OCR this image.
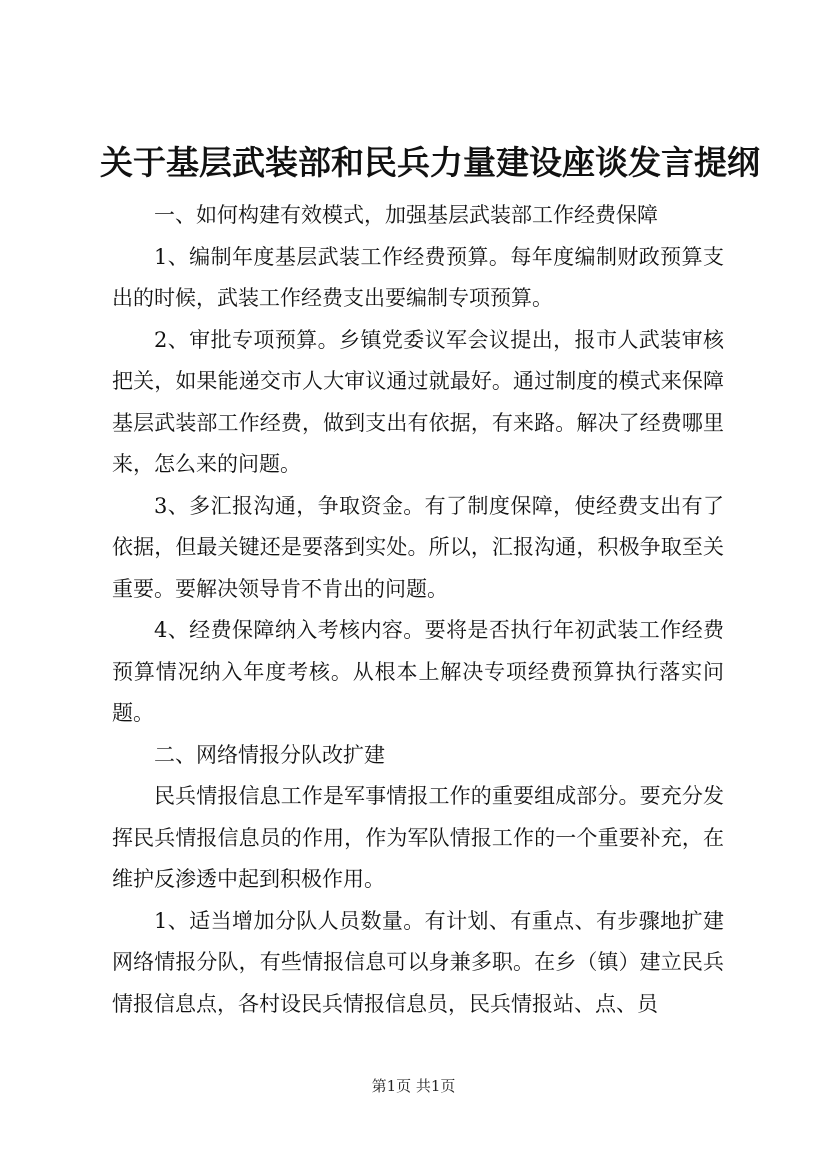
关于基层武装部和民兵力量建设座谈发言提纲

一、如何构建有效模式，加强基层武装部工作经费保障

1、编制年度基层武装工作经费预算。每年度编制财政预算支出的时候，武装工作经费支出要编制专项预算。

2、审批专项预算。乡镇党委议军会议提出，报市人武装审核把关，如果能递交市人大审议通过就最好。通过制度的模式来保障基层武装部工作经费，做到支出有依据，有来路。解决了经费哪里来，怎么来的问题。

3、多汇报沟通，争取资金。有了制度保障，使经费支出有了依据，但最关键还是要落到实处。所以，汇报沟通，积极争取至关重要。要解决领导肯不肯出的问题。

4、经费保障纳入考核内容。要将是否执行年初武装工作经费预算情况纳入年度考核。从根本上解决专项经费预算执行落实问题。

二、网络情报分队改扩建

民兵情报信息工作是军事情报工作的重要组成部分。要充分发挥民兵情报信息员的作用，作为军队情报工作的一个重要补充，在维护反渗透中起到积极作用。

1、适当增加分队人员数量。有计划、有重点、有步骤地扩建网络情报分队，有些情报信息可以身兼多职。在乡（镇）建立民兵情报信息点，各村设民兵情报信息员，民兵情报站、点、员

第1页 共1页
